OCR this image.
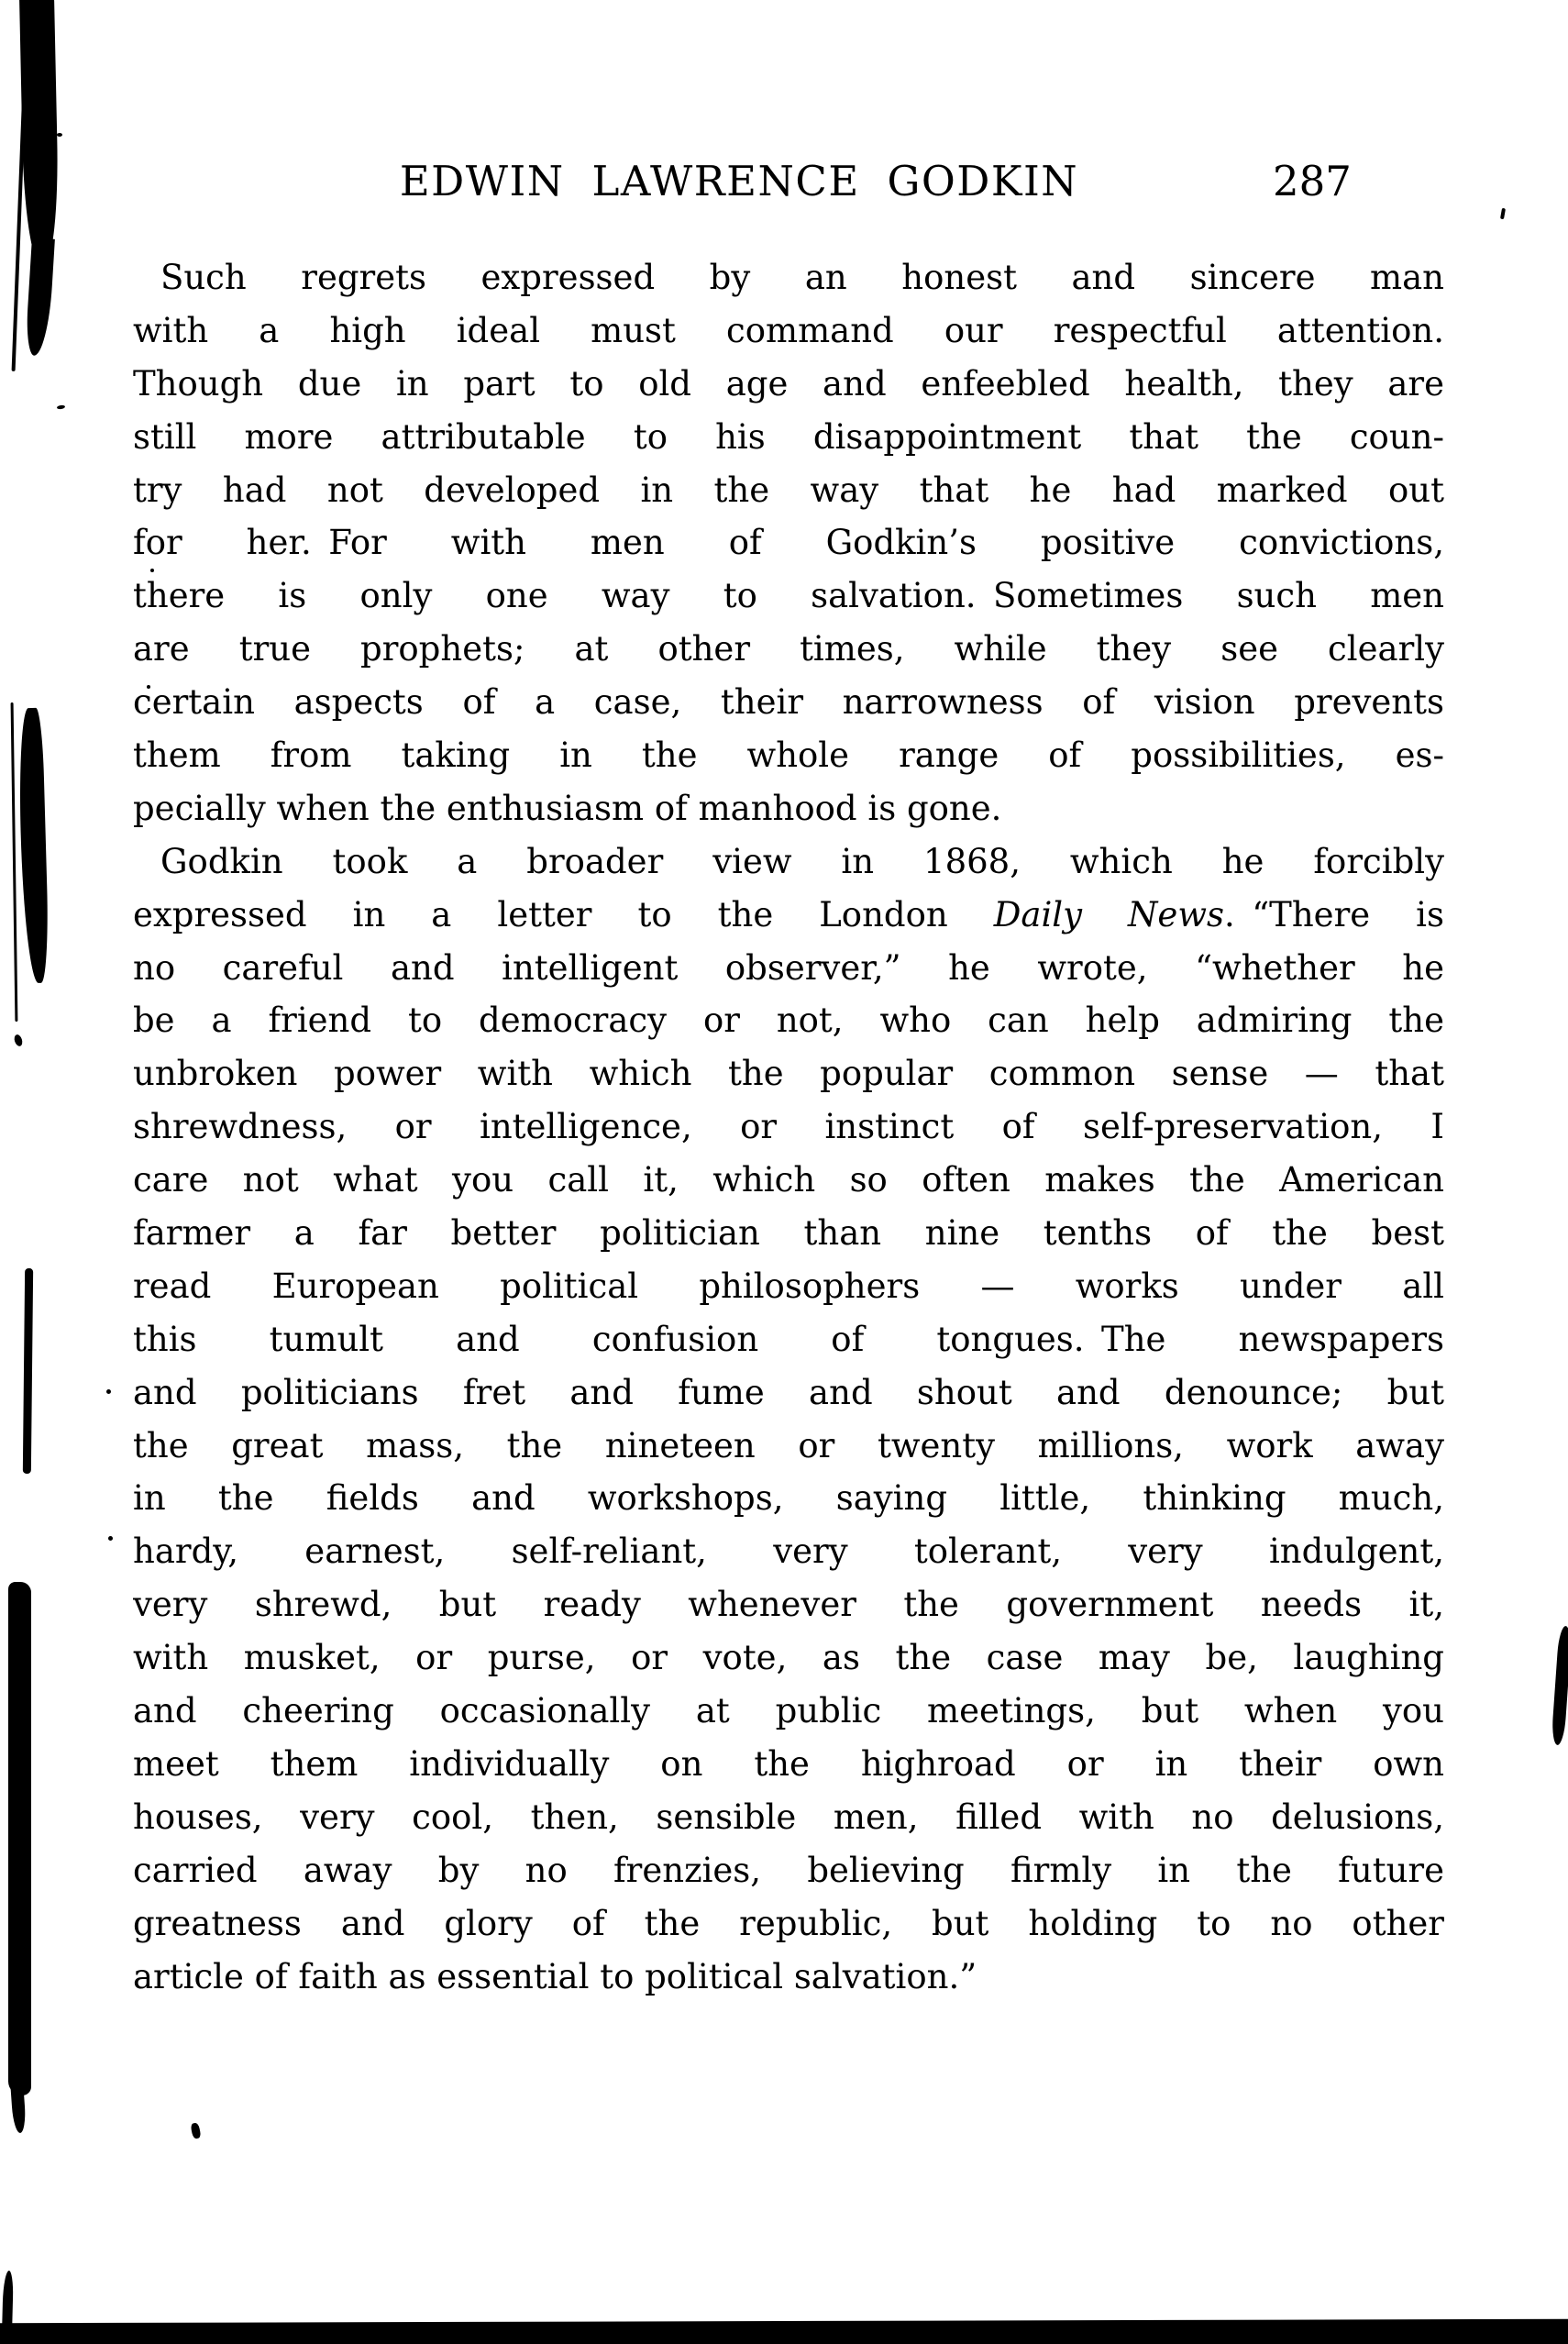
EDWIN LAWRENCE GODKIN	287
Such regrets expressed by an honest and sincere man
with a high ideal must command our respectful attention.
Though due in part to old age and enfeebled health, they are
still more attributable to his disappointment that the coun-
try had not developed in the way that he had marked out
for her. For with men of Godkin’s positive convictions,
there is only one way to salvation. Sometimes such men
are true prophets; at other times, while they see clearly
certain aspects of a case, their narrowness of vision prevents
them from taking in the whole range of possibilities, es-
pecially when the enthusiasm of manhood is gone.
Godkin took a broader view in 1868, which he forcibly
expressed in a letter to the London Daily News. “There is
no careful and intelligent observer,” he wrote, “whether he
be a friend to democracy or not, who can help admiring the
unbroken power with which the popular common sense — that
shrewdness, or intelligence, or instinct of self-preservation, I
care not what you call it, which so often makes the American
farmer a far better politician than nine tenths of the best
read European political philosophers — works under all
this tumult and confusion of tongues. The newspapers
and politicians fret and fume and shout and denounce; but
the great mass, the nineteen or twenty millions, work away
in the fields and workshops, saying little, thinking much,
hardy, earnest, self-reliant, very tolerant, very indulgent,
very shrewd, but ready whenever the government needs it,
with musket, or purse, or vote, as the case may be, laughing
and cheering occasionally at public meetings, but when you
meet them individually on the highroad or in their own
houses, very cool, then, sensible men, filled with no delusions,
carried away by no frenzies, believing firmly in the future
greatness and glory of the republic, but holding to no other
article of faith as essential to political salvation.”
